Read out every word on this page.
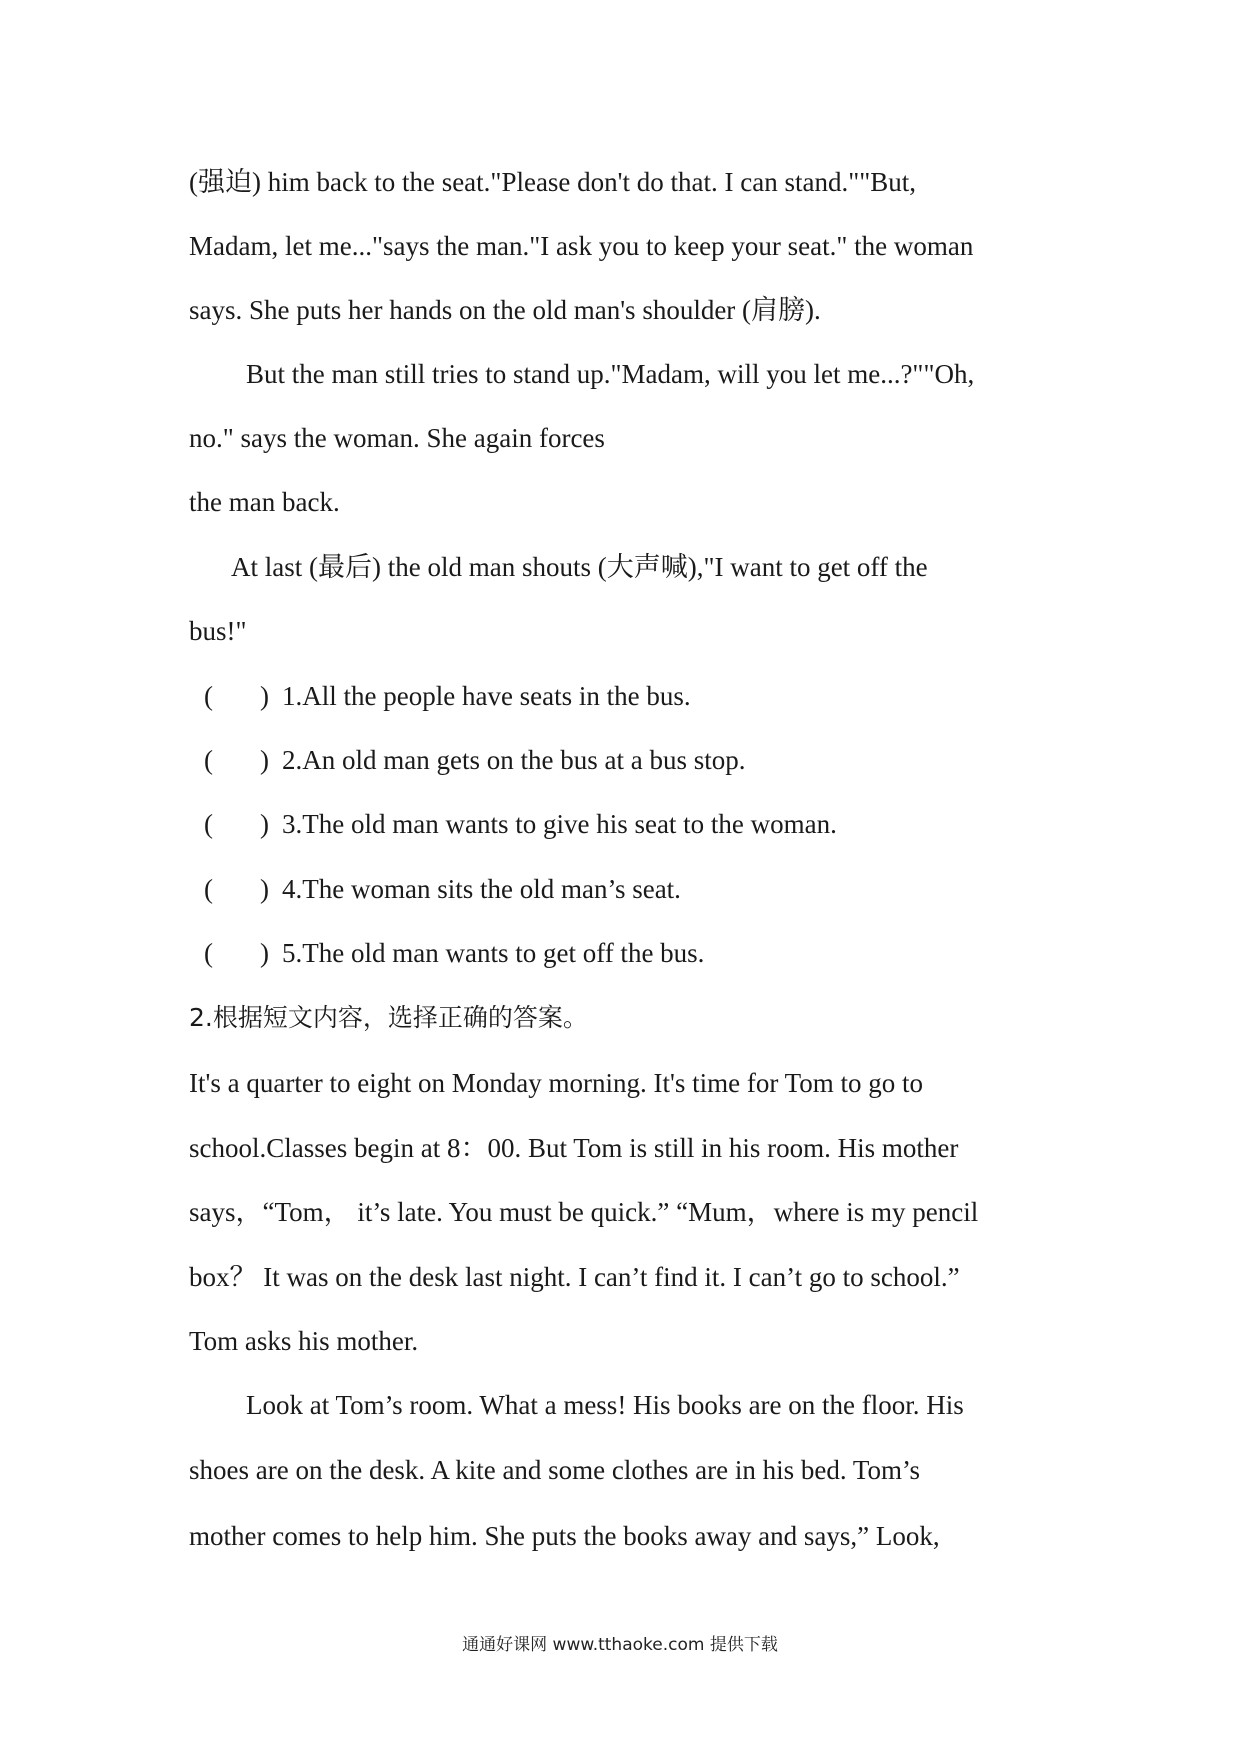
(强迫) him back to the seat."Please don't do that. I can stand.""But,
Madam, let me..."says the man."I ask you to keep your seat." the woman
says. She puts her hands on the old man's shoulder (肩膀).
But the man still tries to stand up."Madam, will you let me...?""Oh,
no." says the woman. She again forces
the man back.
At last (最后) the old man shouts (大声喊),"I want to get off the
bus!"
( ) 1.All the people have seats in the bus.
( ) 2.An old man gets on the bus at a bus stop.
( ) 3.The old man wants to give his seat to the woman.
( ) 4.The woman sits the old man’s seat.
( ) 5.The old man wants to get off the bus.
2.根据短文内容，选择正确的答案。
It's a quarter to eight on Monday morning. It's time for Tom to go to
school.Classes begin at 8：00. But Tom is still in his room. His mother
says，“Tom， it’s late. You must be quick.” “Mum，where is my pencil
box？ It was on the desk last night. I can’t find it. I can’t go to school.”
Tom asks his mother.
Look at Tom’s room. What a mess! His books are on the floor. His
shoes are on the desk. A kite and some clothes are in his bed. Tom’s
mother comes to help him. She puts the books away and says,” Look,
通通好课网 www.tthaoke.com 提供下载
